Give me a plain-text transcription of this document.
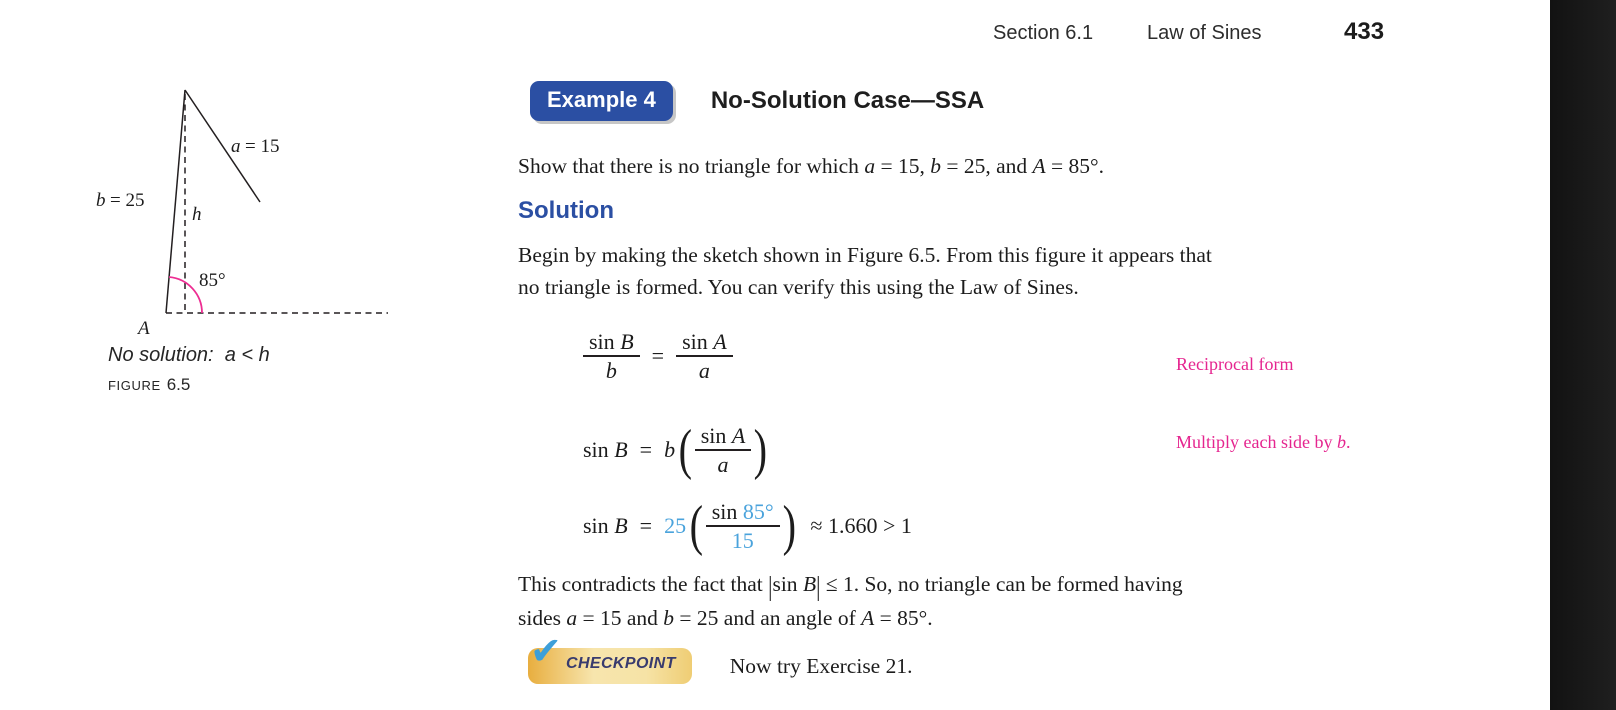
Section 6.1	Law of Sines	433
a = 15
b = 25
h
85°
A
No solution:  a < h
FIGURE 6.5
Example 4	No-Solution Case—SSA
Show that there is no triangle for which a = 15, b = 25, and A = 85°.
Solution
Begin by making the sketch shown in Figure 6.5. From this figure it appears that
no triangle is formed. You can verify this using the Law of Sines.
$\frac{\text{sin B}}{b} = \frac{\text{sin A}}{a}$	Reciprocal form
sin B = b ( $\frac{\text{sin A}}{a}$ )	Multiply each side by b.
sin B = 25 ( $\frac{\sin 85^\circ}{15}$ ) ≈ 1.660 > 1
This contradicts the fact that |sin B| ≤ 1. So, no triangle can be formed having
sides a = 15 and b = 25 and an angle of A = 85°.
✔ CHECKPOINT	Now try Exercise 21.
